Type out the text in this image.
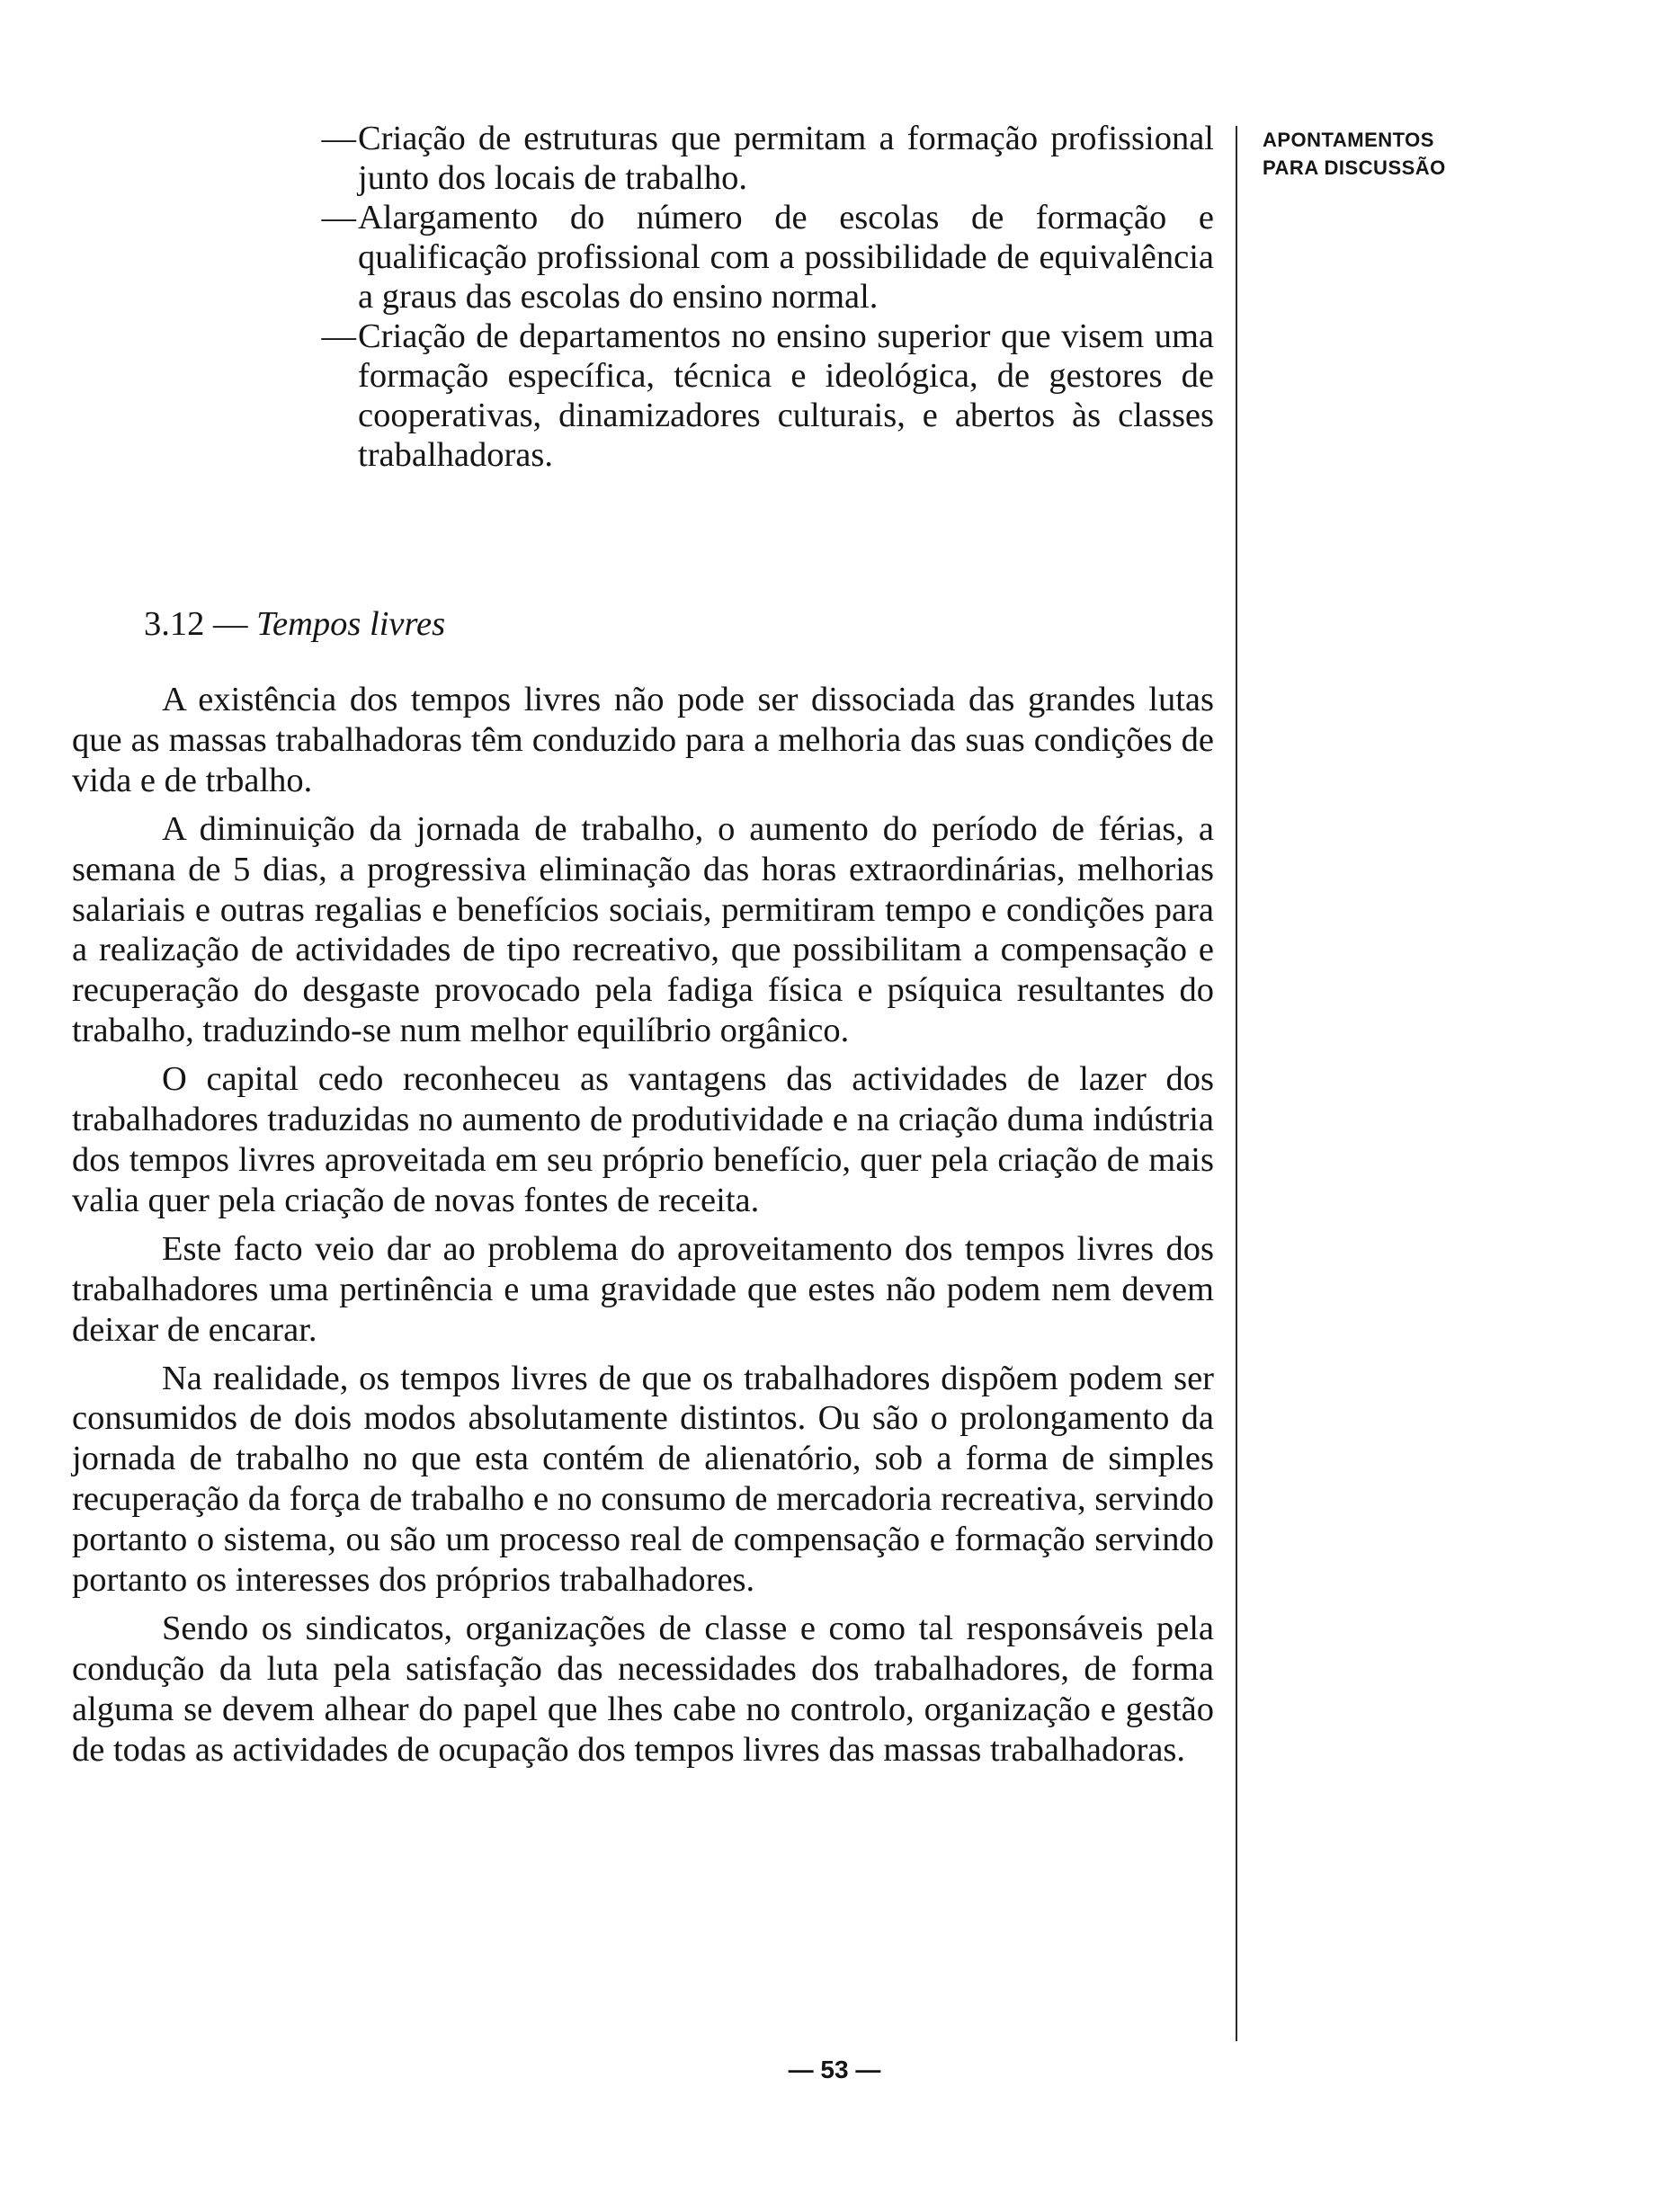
APONTAMENTOS
PARA DISCUSSÃO
— Criação de estruturas que permitam a formação profissional junto dos locais de trabalho.
— Alargamento do número de escolas de formação e qualificação profissional com a possibilidade de equivalência a graus das escolas do ensino normal.
— Criação de departamentos no ensino superior que visem uma formação específica, técnica e ideológica, de gestores de cooperativas, dinamizadores culturais, e abertos às classes trabalhadoras.
3.12 — Tempos livres

A existência dos tempos livres não pode ser dissociada das grandes lutas que as massas trabalhadoras têm conduzido para a melhoria das suas condições de vida e de trbalho.

A diminuição da jornada de trabalho, o aumento do período de férias, a semana de 5 dias, a progressiva eliminação das horas extraordinárias, melhorias salariais e outras regalias e benefícios sociais, permitiram tempo e condições para a realização de actividades de tipo recreativo, que possibilitam a compensação e recuperação do desgaste provocado pela fadiga física e psíquica resultantes do trabalho, traduzindo-se num melhor equilíbrio orgânico.

O capital cedo reconheceu as vantagens das actividades de lazer dos trabalhadores traduzidas no aumento de produtividade e na criação duma indústria dos tempos livres aproveitada em seu próprio benefício, quer pela criação de mais valia quer pela criação de novas fontes de receita.

Este facto veio dar ao problema do aproveitamento dos tempos livres dos trabalhadores uma pertinência e uma gravidade que estes não podem nem devem deixar de encarar.

Na realidade, os tempos livres de que os trabalhadores dispõem podem ser consumidos de dois modos absolutamente distintos. Ou são o prolongamento da jornada de trabalho no que esta contém de alienatório, sob a forma de simples recuperação da força de trabalho e no consumo de mercadoria recreativa, servindo portanto o sistema, ou são um processo real de compensação e formação servindo portanto os interesses dos próprios trabalhadores.

Sendo os sindicatos, organizações de classe e como tal responsáveis pela condução da luta pela satisfação das necessidades dos trabalhadores, de forma alguma se devem alhear do papel que lhes cabe no controlo, organização e gestão de todas as actividades de ocupação dos tempos livres das massas trabalhadoras.

— 53 —
